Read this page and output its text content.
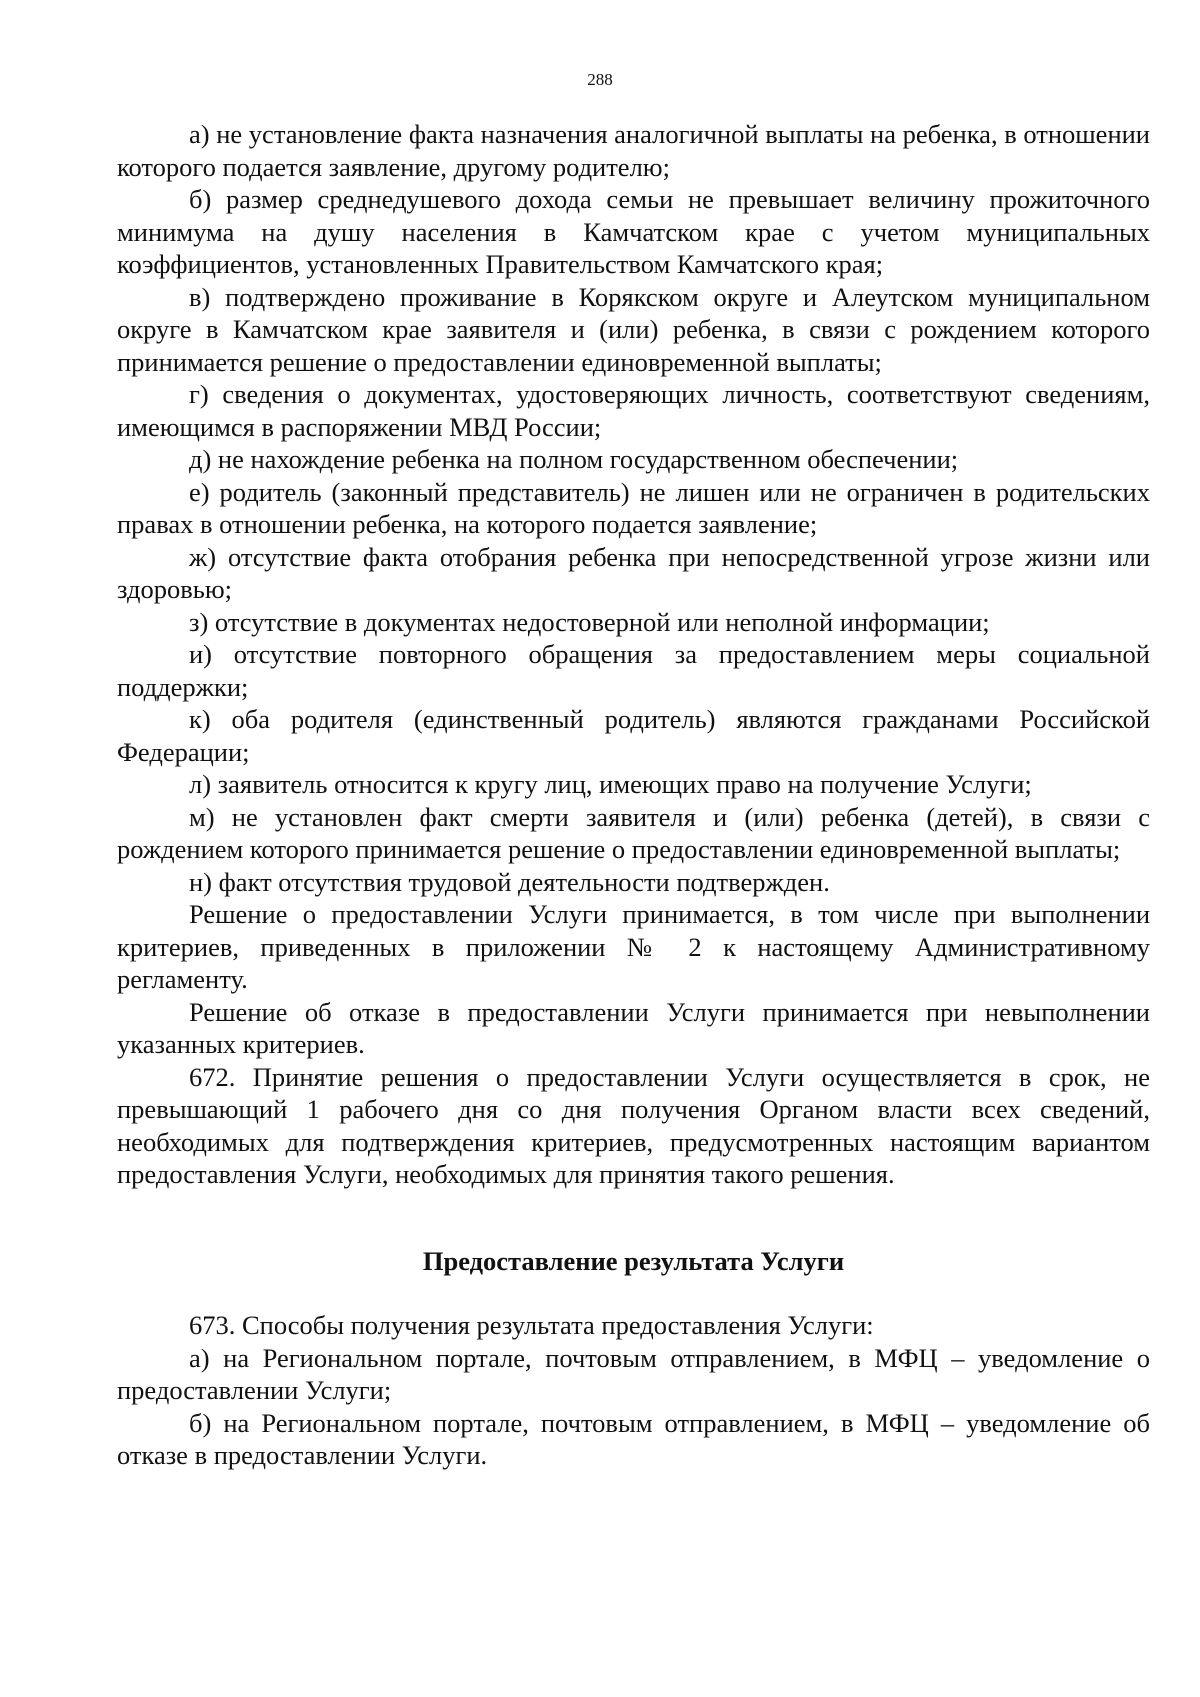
288

а) не установление факта назначения аналогичной выплаты на ребенка, в отношении которого подается заявление, другому родителю;

б) размер среднедушевого дохода семьи не превышает величину прожиточного минимума на душу населения в Камчатском крае с учетом муниципальных коэффициентов, установленных Правительством Камчатского края;

в) подтверждено проживание в Корякском округе и Алеутском муниципальном округе в Камчатском крае заявителя и (или) ребенка, в связи с рождением которого принимается решение о предоставлении единовременной выплаты;

г) сведения о документах, удостоверяющих личность, соответствуют сведениям, имеющимся в распоряжении МВД России;

д) не нахождение ребенка на полном государственном обеспечении;

е) родитель (законный представитель) не лишен или не ограничен в родительских правах в отношении ребенка, на которого подается заявление;

ж) отсутствие факта отобрания ребенка при непосредственной угрозе жизни или здоровью;

з) отсутствие в документах недостоверной или неполной информации;

и) отсутствие повторного обращения за предоставлением меры социальной поддержки;

к) оба родителя (единственный родитель) являются гражданами Российской Федерации;

л) заявитель относится к кругу лиц, имеющих право на получение Услуги;

м) не установлен факт смерти заявителя и (или) ребенка (детей), в связи с рождением которого принимается решение о предоставлении единовременной выплаты;

н) факт отсутствия трудовой деятельности подтвержден.

Решение о предоставлении Услуги принимается, в том числе при выполнении критериев, приведенных в приложении № 2 к настоящему Административному регламенту.

Решение об отказе в предоставлении Услуги принимается при невыполнении указанных критериев.

672. Принятие решения о предоставлении Услуги осуществляется в срок, не превышающий 1 рабочего дня со дня получения Органом власти всех сведений, необходимых для подтверждения критериев, предусмотренных настоящим вариантом предоставления Услуги, необходимых для принятия такого решения.

Предоставление результата Услуги

673. Способы получения результата предоставления Услуги:

а) на Региональном портале, почтовым отправлением, в МФЦ – уведомление о предоставлении Услуги;

б) на Региональном портале, почтовым отправлением, в МФЦ – уведомление об отказе в предоставлении Услуги.
